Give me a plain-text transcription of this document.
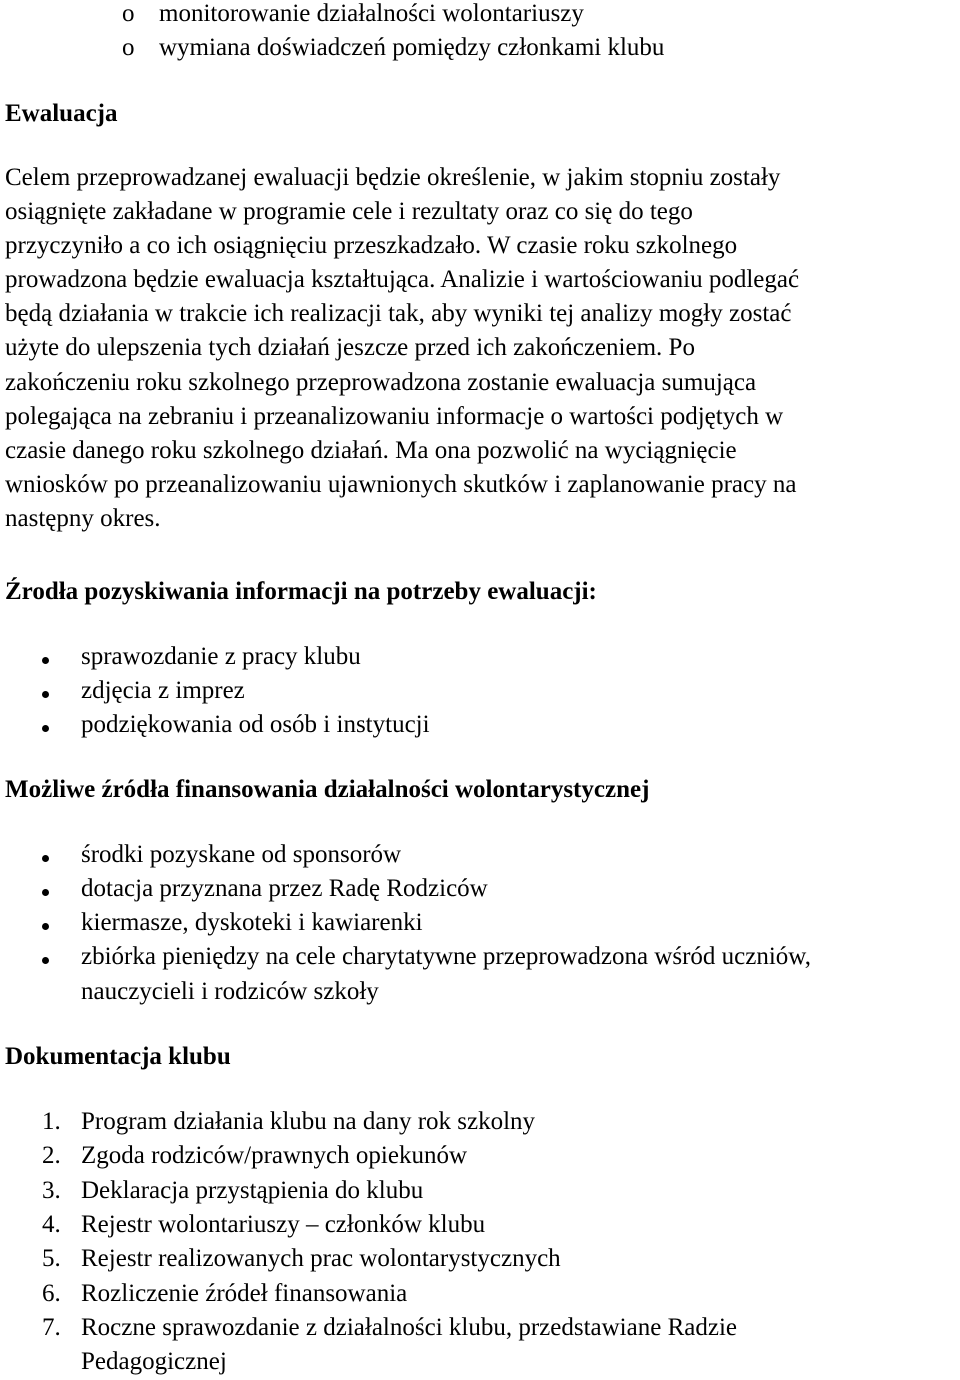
o monitorowanie działalności wolontariuszy
o wymiana doświadczeń pomiędzy członkami klubu
Ewaluacja
Celem przeprowadzanej ewaluacji będzie określenie, w jakim stopniu zostały
osiągnięte zakładane w programie cele i rezultaty oraz co się do tego
przyczyniło a co ich osiągnięciu przeszkadzało. W czasie roku szkolnego
prowadzona będzie ewaluacja kształtująca. Analizie i wartościowaniu podlegać
będą działania w trakcie ich realizacji tak, aby wyniki tej analizy mogły zostać
użyte do ulepszenia tych działań jeszcze przed ich zakończeniem. Po
zakończeniu roku szkolnego przeprowadzona zostanie ewaluacja sumująca
polegająca na zebraniu i przeanalizowaniu informacje o wartości podjętych w
czasie danego roku szkolnego działań. Ma ona pozwolić na wyciągnięcie
wniosków po przeanalizowaniu ujawnionych skutków i zaplanowanie pracy na
następny okres.
Źrodła pozyskiwania informacji na potrzeby ewaluacji:
sprawozdanie z pracy klubu
zdjęcia z imprez
podziękowania od osób i instytucji
Możliwe źródła finansowania działalności wolontarystycznej
środki pozyskane od sponsorów
dotacja przyznana przez Radę Rodziców
kiermasze, dyskoteki i kawiarenki
zbiórka pieniędzy na cele charytatywne przeprowadzona wśród uczniów,
nauczycieli i rodziców szkoły
Dokumentacja klubu
1. Program działania klubu na dany rok szkolny
2. Zgoda rodziców/prawnych opiekunów
3. Deklaracja przystąpienia do klubu
4. Rejestr wolontariuszy – członków klubu
5. Rejestr realizowanych prac wolontarystycznych
6. Rozliczenie źródeł finansowania
7. Roczne sprawozdanie z działalności klubu, przedstawiane Radzie
Pedagogicznej
